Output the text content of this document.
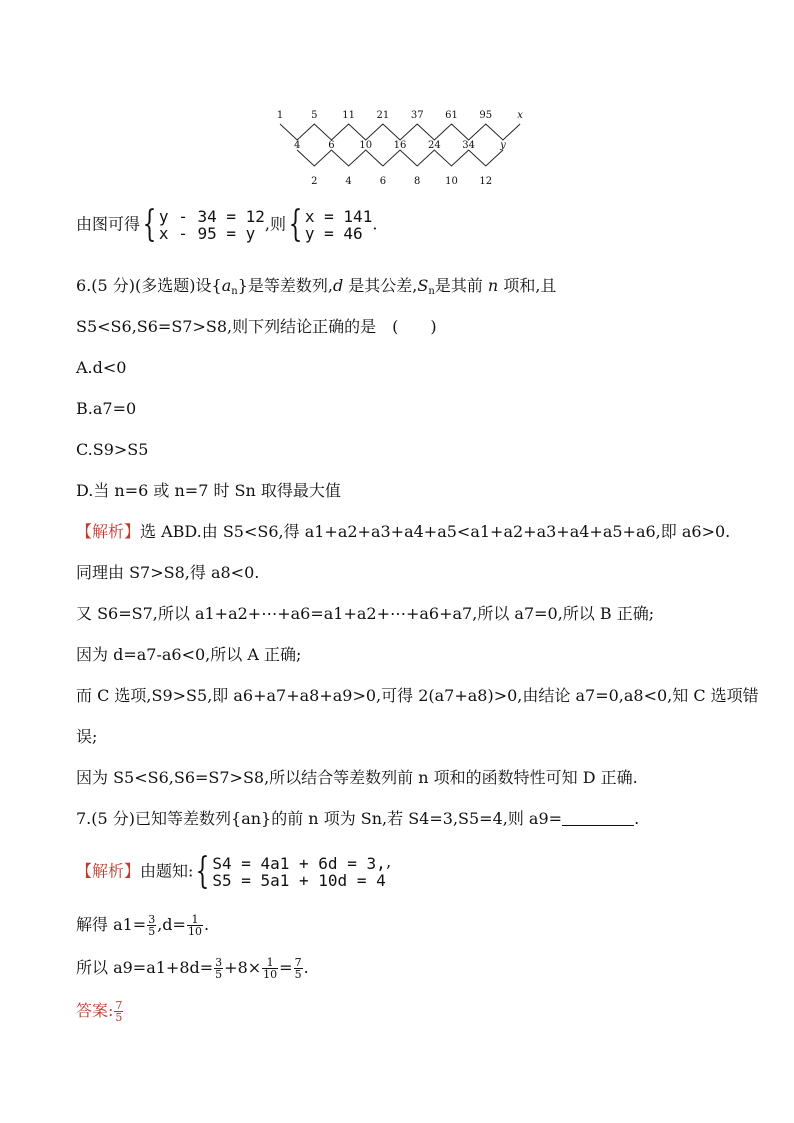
1	5 11 21 37 61 95	x
4	6 10 16 24 34	y
2	4	6	8 10 12
由图可得{ y - 34 = 12
x - 95 = y ,则{ x = 141
y = 46 .
6.(5 分)(多选题)设$\{a_n\}$是等差数列,d 是其公差$,S_n$是其前 n 项和,且
S5<S6,S6=S7>S8,则下列结论正确的是　(　　)
A.d<0
B.a7=0
C.S9>S5
D.当 n=6 或 n=7 时 Sn 取得最大值
【解析】选 ABD.由 S5<S6,得 a1+a2+a3+a4+a5<a1+a2+a3+a4+a5+a6,即 a6>0.
同理由 S7>S8,得 a8<0.
又 S6=S7,所以 a1+a2+⋯+a6=a1+a2+⋯+a6+a7,所以 a7=0,所以 B 正确;
因为 d=a7-a6<0,所以 A 正确;
而 C 选项,S9>S5,即 a6+a7+a8+a9>0,可得 2(a7+a8)>0,由结论 a7=0,a8<0,知 C 选项错
误;
因为 S5<S6,S6=S7>S8,所以结合等差数列前 n 项和的函数特性可知 D 正确.
7.(5 分)已知等差数列{an}的前 n 项为 Sn,若 S4=3,S5=4,则 a9=	.
【解析】由题知:{ S4 = 4a1 + 6d = 3,
S5 = 5a1 + 10d = 4’
解得 $a1= \frac{3}{5} ,d= \frac{1}{10}$ .
所以 $a9=a1+8d= \frac{3}{5} +8\times \frac{1}{10} = \frac{7}{5}$ .
答案: $\frac{7}{5}$
